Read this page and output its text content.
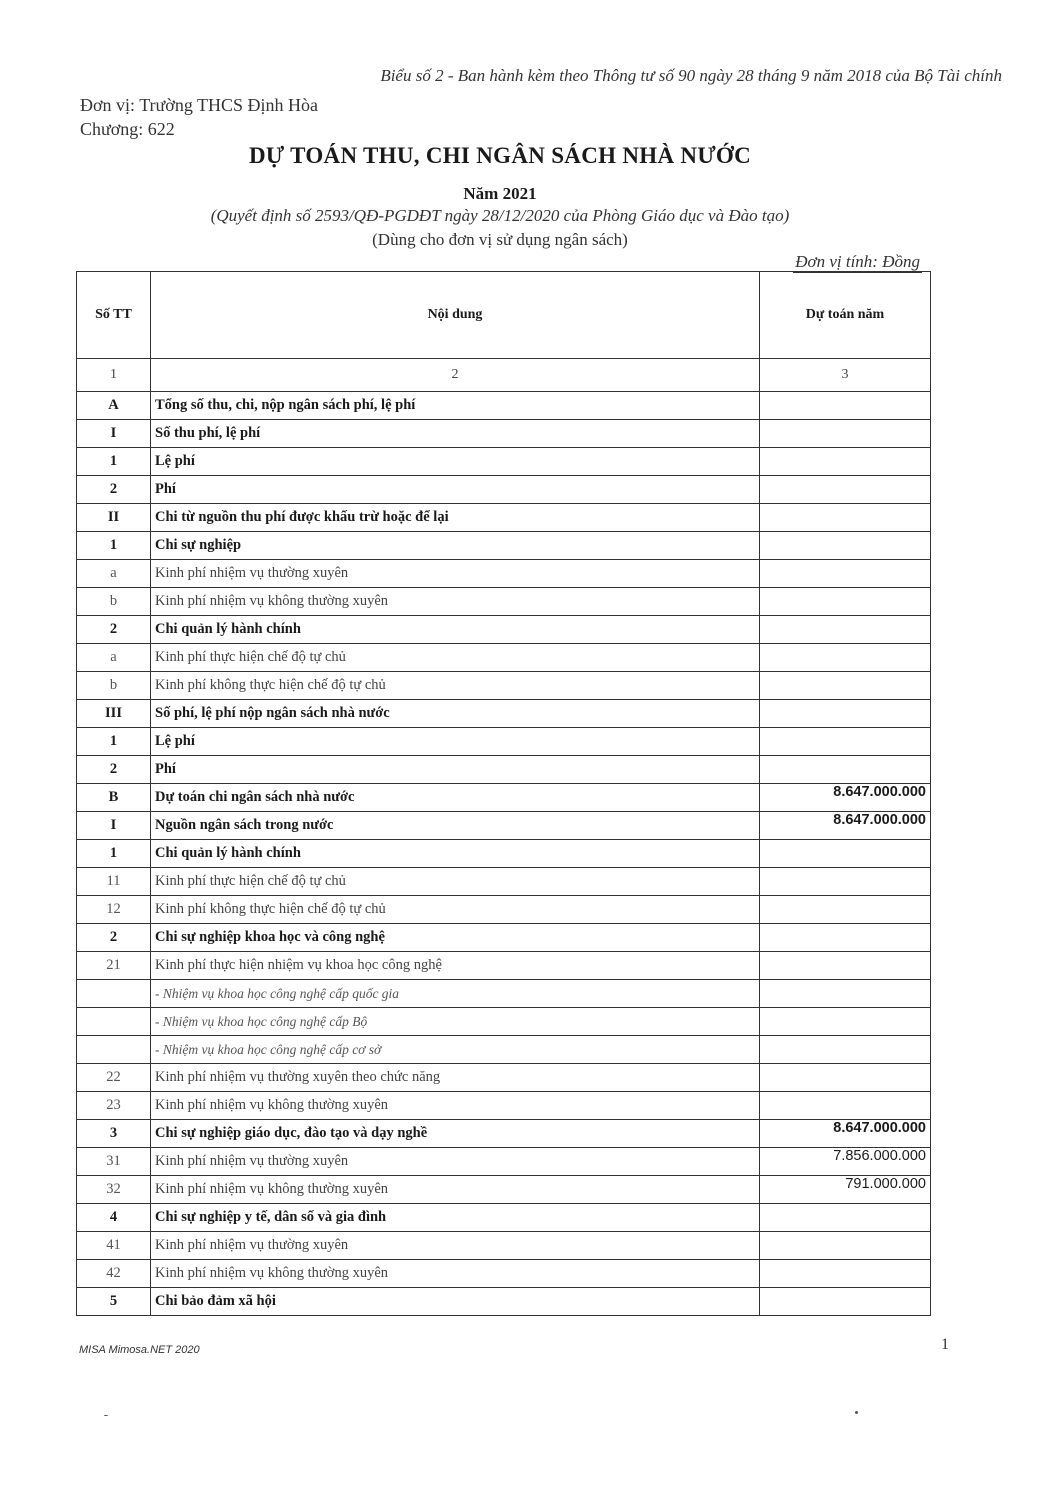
Biểu số 2 - Ban hành kèm theo Thông tư số 90 ngày 28 tháng 9 năm 2018 của Bộ Tài chính
Đơn vị: Trường THCS Định Hòa
Chương: 622
DỰ TOÁN THU, CHI NGÂN SÁCH NHÀ NƯỚC
Năm 2021
(Quyết định số 2593/QĐ-PGDĐT ngày 28/12/2020 của Phòng Giáo dục và Đào tạo)
(Dùng cho đơn vị sử dụng ngân sách)
Đơn vị tính: Đồng
Số TT	Nội dung	Dự toán năm
1	2	3
A	Tổng số thu, chi, nộp ngân sách phí, lệ phí	
I	Số thu phí, lệ phí	
1	Lệ phí	
2	Phí	
II	Chi từ nguồn thu phí được khấu trừ hoặc để lại	
1	Chi sự nghiệp	
a	Kinh phí nhiệm vụ thường xuyên	
b	Kinh phí nhiệm vụ không thường xuyên	
2	Chi quản lý hành chính	
a	Kinh phí thực hiện chế độ tự chủ	
b	Kinh phí không thực hiện chế độ tự chủ	
III	Số phí, lệ phí nộp ngân sách nhà nước	
1	Lệ phí	
2	Phí	
B	Dự toán chi ngân sách nhà nước	8.647.000.000
I	Nguồn ngân sách trong nước	8.647.000.000
1	Chi quản lý hành chính	
11	Kinh phí thực hiện chế độ tự chủ	
12	Kinh phí không thực hiện chế độ tự chủ	
2	Chi sự nghiệp khoa học và công nghệ	
21	Kinh phí thực hiện nhiệm vụ khoa học công nghệ	
	- Nhiệm vụ khoa học công nghệ cấp quốc gia	
	- Nhiệm vụ khoa học công nghệ cấp Bộ	
	- Nhiệm vụ khoa học công nghệ cấp cơ sở	
22	Kinh phí nhiệm vụ thường xuyên theo chức năng	
23	Kinh phí nhiệm vụ không thường xuyên	
3	Chi sự nghiệp giáo dục, đào tạo và dạy nghề	8.647.000.000
31	Kinh phí nhiệm vụ thường xuyên	7.856.000.000
32	Kinh phí nhiệm vụ không thường xuyên	791.000.000
4	Chi sự nghiệp y tế, dân số và gia đình	
41	Kinh phí nhiệm vụ thường xuyên	
42	Kinh phí nhiệm vụ không thường xuyên	
5	Chi bảo đảm xã hội	
MISA Mimosa.NET 2020	1
